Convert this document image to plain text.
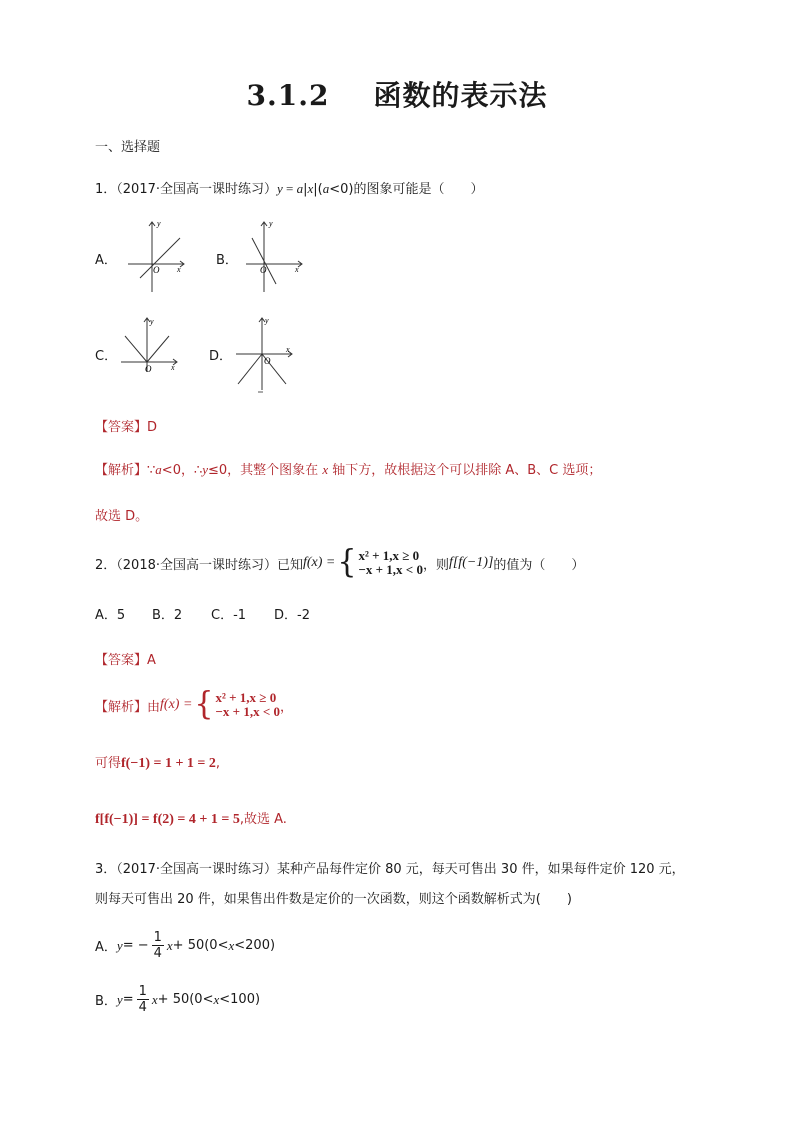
3.1.2 函数的表示法
一、选择题
1．（2017·全国高一课时练习）y = a|x|(a<0)的图象可能是（　　）
A．
y
O x
B．
y
O	x
C．
y
O x
D．
y
O
x
【答案】D
【解析】∵a<0，∴y≤0，其整个图象在 x 轴下方，故根据这个可以排除 A、B、C 选项；
故选 D。
2．（2018·全国高一课时练习）已知 f(x) = { x² + 1,x ≥ 0
−x + 1,x < 0 ，则 f[f(−1)] 的值为（　　）
A．5 B．2 C．-1 D．-2
【答案】A
【解析】 由 f(x) = { x² + 1,x ≥ 0
−x + 1,x < 0 ，
可得f(−1) = 1 + 1 = 2,
f[f(−1)] = f(2) = 4 + 1 = 5,故选 A.
3．（2017·全国高一课时练习）某种产品每件定价 80 元，每天可售出 30 件，如果每件定价 120 元，
则每天可售出 20 件，如果售出件数是定价的一次函数，则这个函数解析式为(　　)
A． y = − $\frac{1}{4}$ x + 50(0< x <200)
B． $y = \frac{1}{4}$ x + 50(0< x <100)
